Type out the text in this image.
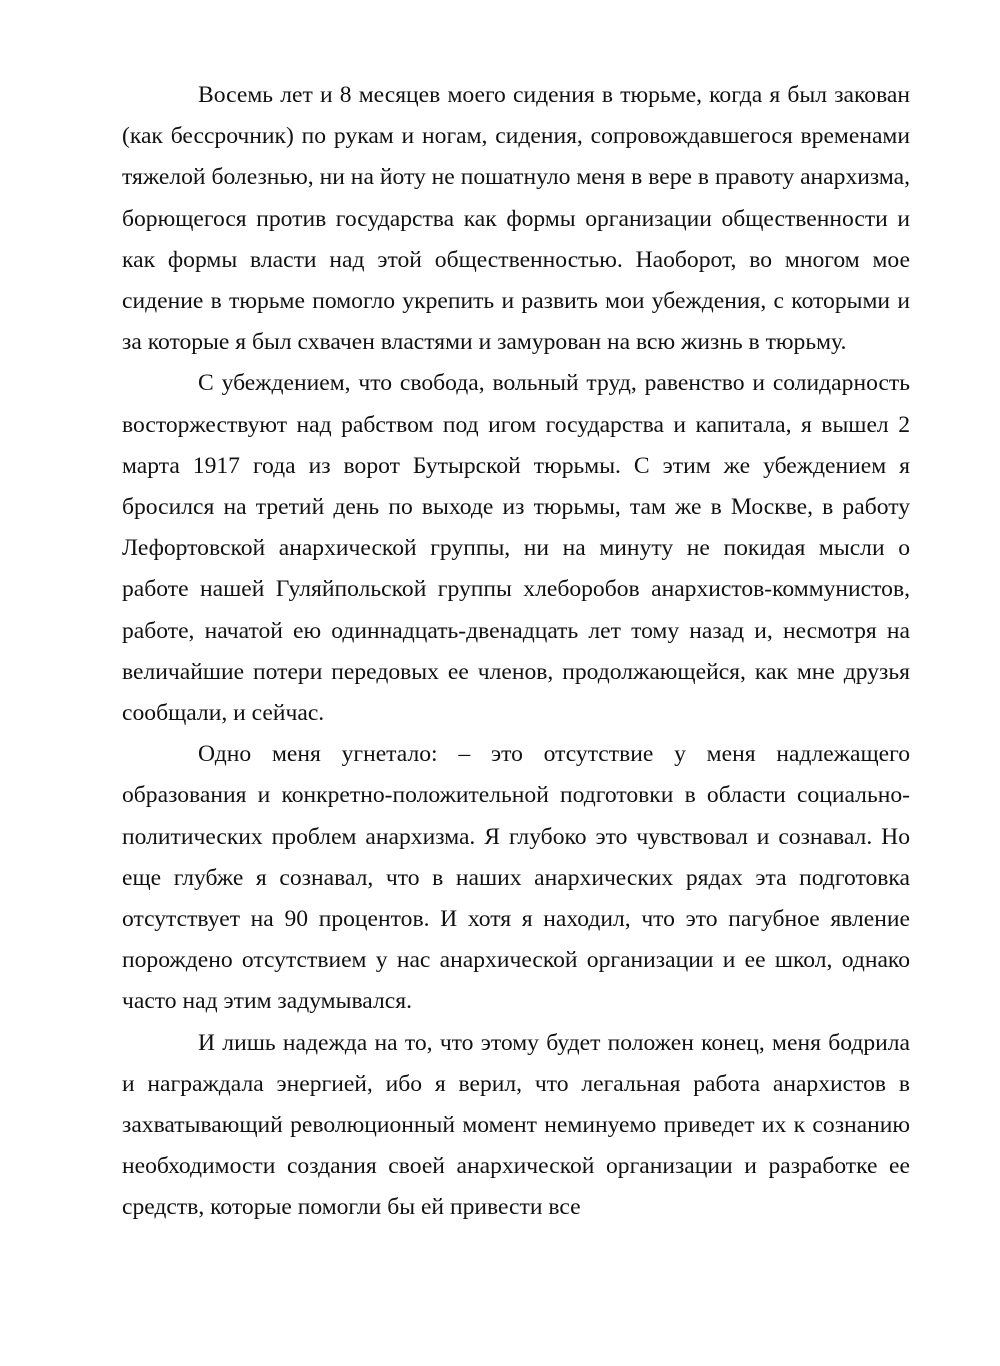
Восемь лет и 8 месяцев моего сидения в тюрьме, когда я был закован (как бессрочник) по рукам и ногам, сидения, сопровождавшегося временами тяжелой болезнью, ни на йоту не пошатнуло меня в вере в правоту анархизма, борющегося против государства как формы организации общественности и как формы власти над этой общественностью. Наоборот, во многом мое сидение в тюрьме помогло укрепить и развить мои убеждения, с которыми и за которые я был схвачен властями и замурован на всю жизнь в тюрьму.

С убеждением, что свобода, вольный труд, равенство и солидарность восторжествуют над рабством под игом государства и капитала, я вышел 2 марта 1917 года из ворот Бутырской тюрьмы. С этим же убеждением я бросился на третий день по выходе из тюрьмы, там же в Москве, в работу Лефортовской анархической группы, ни на минуту не покидая мысли о работе нашей Гуляйпольской группы хлеборобов анархистов-коммунистов, работе, начатой ею одиннадцать-двенадцать лет тому назад и, несмотря на величайшие потери передовых ее членов, продолжающейся, как мне друзья сообщали, и сейчас.

Одно меня угнетало: – это отсутствие у меня надлежащего образования и конкретно-положительной подготовки в области социально-политических проблем анархизма. Я глубоко это чувствовал и сознавал. Но еще глубже я сознавал, что в наших анархических рядах эта подготовка отсутствует на 90 процентов. И хотя я находил, что это пагубное явление порождено отсутствием у нас анархической организации и ее школ, однако часто над этим задумывался.

И лишь надежда на то, что этому будет положен конец, меня бодрила и награждала энергией, ибо я верил, что легальная работа анархистов в захватывающий революционный момент неминуемо приведет их к сознанию необходимости создания своей анархической организации и разработке ее средств, которые помогли бы ей привести все
